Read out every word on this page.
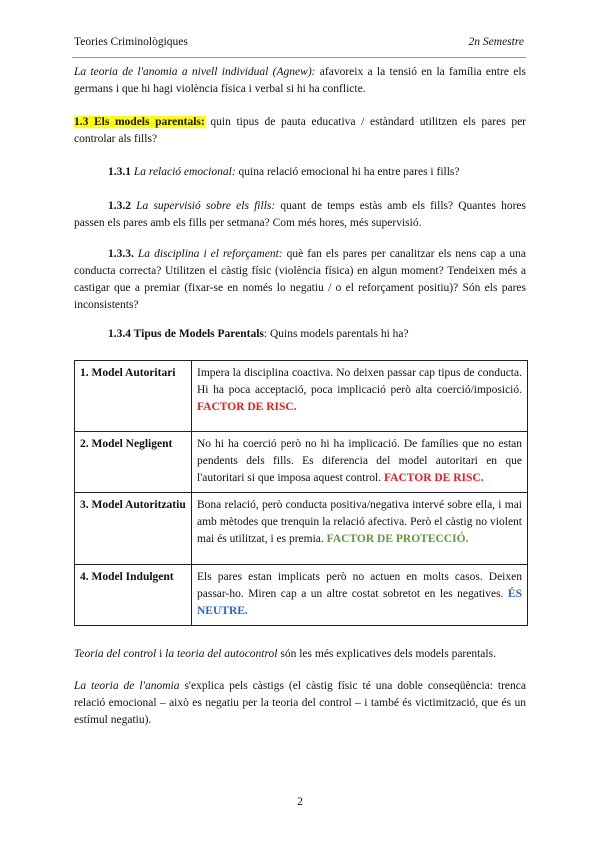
Teories Criminològiques	2n Semestre

La teoria de l'anomia a nivell individual (Agnew): afavoreix a la tensió en la família entre els germans i que hi hagi violència física i verbal si hi ha conflicte.

1.3 Els models parentals: quin tipus de pauta educativa / estàndard utilitzen els pares per controlar als fills?

1.3.1 La relació emocional: quina relació emocional hi ha entre pares i fills?

1.3.2 La supervisió sobre els fills: quant de temps estàs amb els fills? Quantes hores passen els pares amb els fills per setmana? Com més hores, més supervisió.

1.3.3. La disciplina i el reforçament: què fan els pares per canalitzar els nens cap a una conducta correcta? Utilitzen el càstig físic (violència física) en algun moment? Tendeixen més a castigar que a premiar (fixar-se en només lo negatiu / o el reforçament positiu)? Són els pares inconsistents?

1.3.4 Tipus de Models Parentals: Quins models parentals hi ha?

1. Model Autoritari	Impera la disciplina coactiva. No deixen passar cap tipus de conducta. Hi ha poca acceptació, poca implicació però alta coerció/imposició. FACTOR DE RISC.
2. Model Negligent	No hi ha coerció però no hi ha implicació. De famílies que no estan pendents dels fills. Es diferencia del model autoritari en que l'autoritari si que imposa aquest control. FACTOR DE RISC.
3. Model Autoritzatiu	Bona relació, però conducta positiva/negativa intervé sobre ella, i mai amb mètodes que trenquin la relació afectiva. Però el càstig no violent mai és utilitzat, i es premia. FACTOR DE PROTECCIÓ.
4. Model Indulgent	Els pares estan implicats però no actuen en molts casos. Deixen passar-ho. Miren cap a un altre costat sobretot en les negatives. ÉS NEUTRE.

Teoria del control i la teoria del autocontrol són les més explicatives dels models parentals.

La teoria de l'anomia s'explica pels càstigs (el càstig físic té una doble conseqüència: trenca relació emocional – això es negatiu per la teoria del control – i també és victimització, que és un estímul negatiu).

2
